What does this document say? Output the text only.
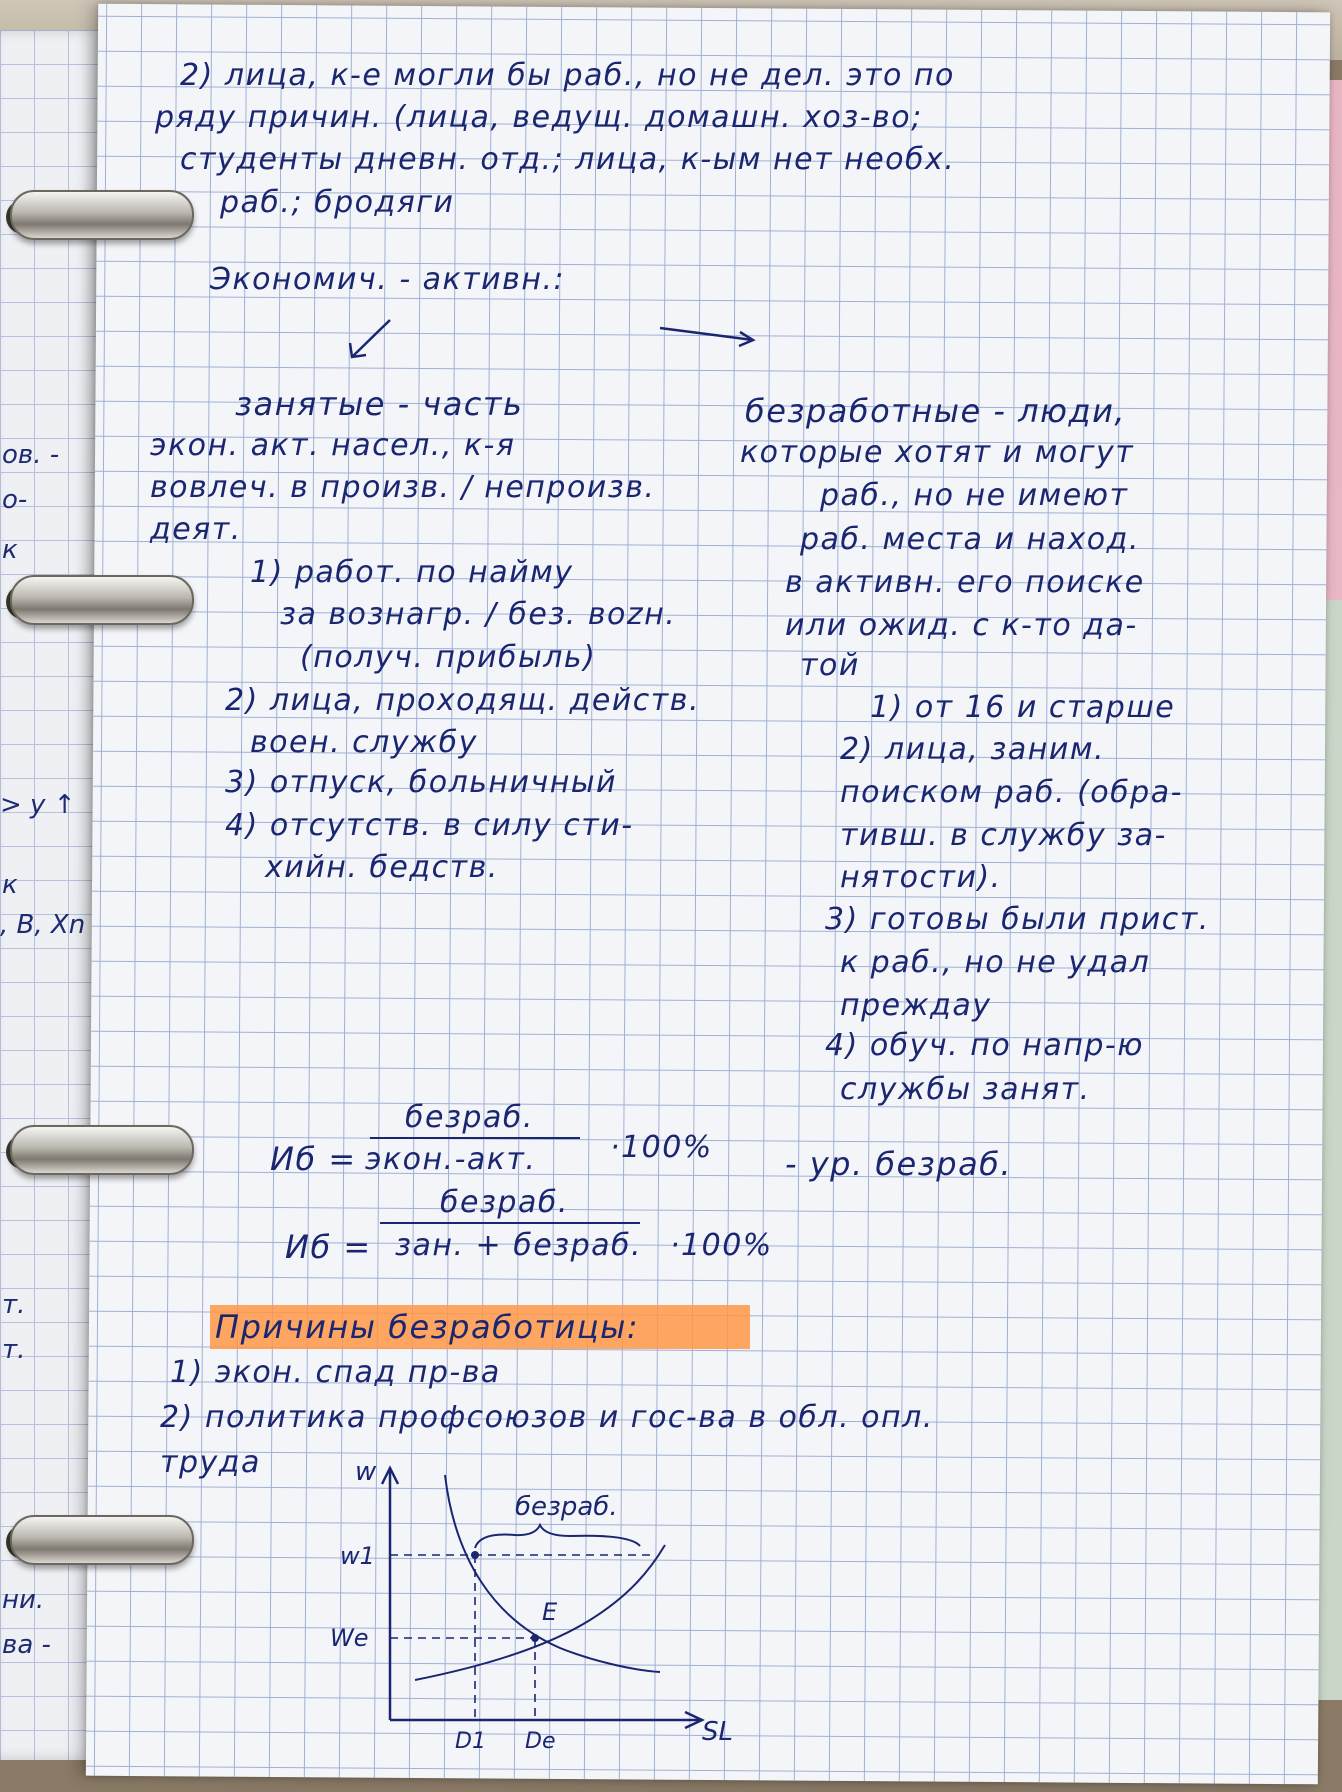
ов. -
о-
к
> у ↑
к
, В, Хn
т.
т.
ни.
ва -
2) лица, к-е могли бы раб., но не дел. это по
ряду причин. (лица, ведущ. домашн. хоз-во;
студенты дневн. отд.; лица, к-ым нет необх.
раб.; бродяги
Экономич. - активн.:
занятые - часть
экон. акт. насел., к-я
вовлеч. в произв. / непроизв.
деят.
1) работ. по найму
за вознагр. / без. вozн.
(получ. прибыль)
2) лица, проходящ. действ.
воен. службу
3) отпуск, больничный
4) отсутств. в силу сти-
хийн. бедств.
безработные - люди,
которые хотят и могут
раб., но не имеют
раб. места и наход.
в активн. его поиске
или ожид. с к-то да-
той
1) от 16 и старше
2) лица, заним.
поиском раб. (обра-
тивш. в службу за-
нятости).
3) готовы были прист.
к раб., но не удал
преждау
4) обуч. по напр-ю
службы занят.
Иб =
безраб.
экон.-акт. ·100% - ур. безраб.
Иб =
безраб.
зан. + безраб. ·100%
Причины безработицы:
1) экон. спад пр-ва
2) политика профсоюзов и гос-ва в обл. опл.
труда	w
SL
w1
We
E
D1 De
безраб.
